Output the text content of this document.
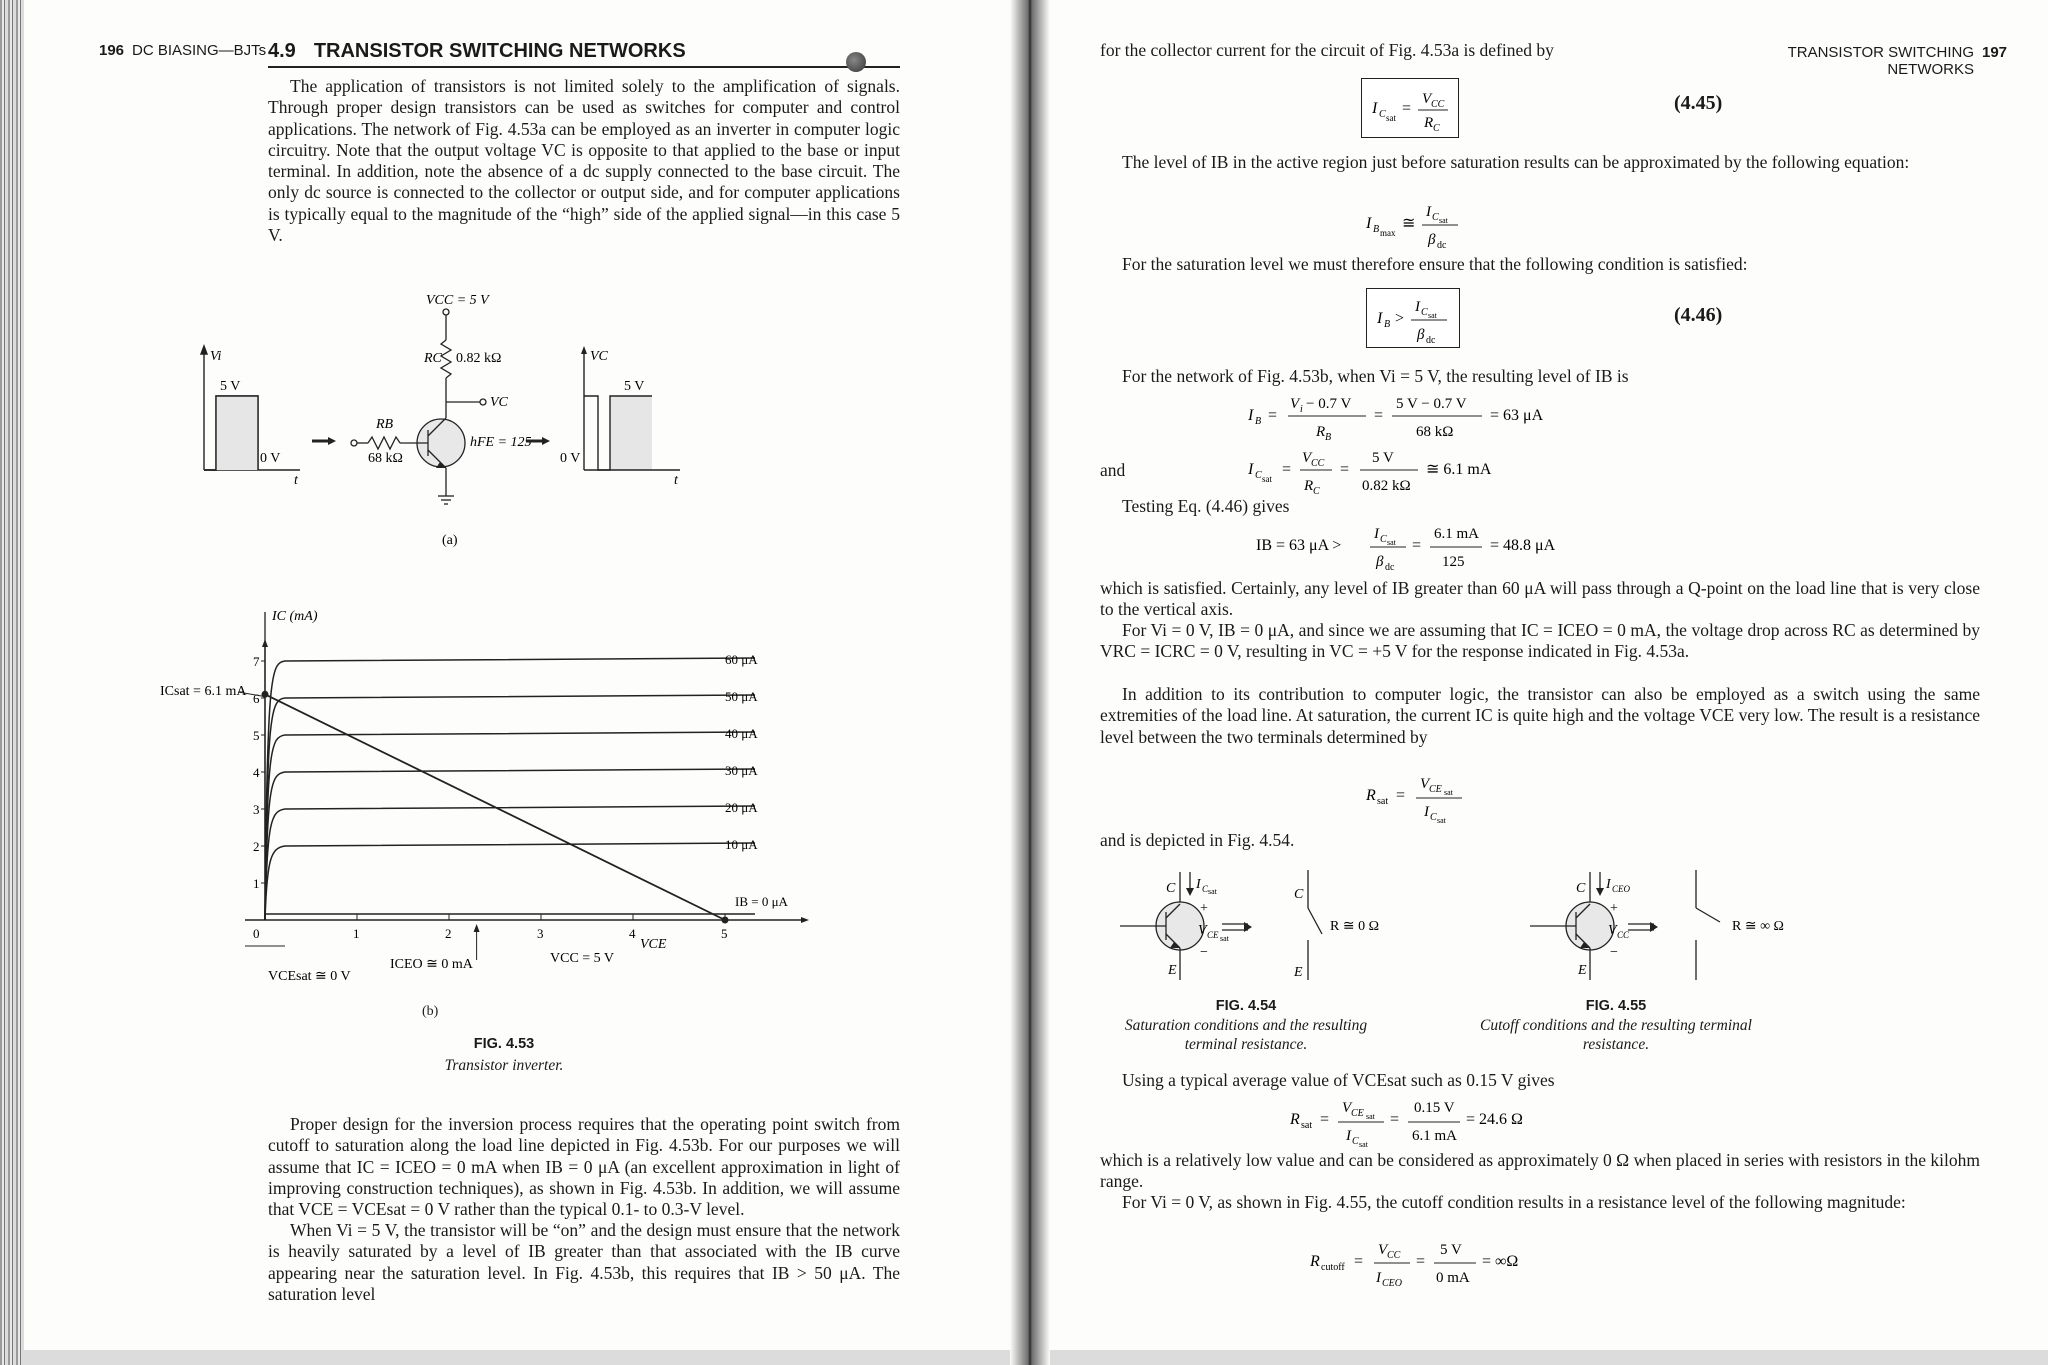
196 DC BIASING—BJTs 4.9 TRANSISTOR SWITCHING NETWORKS
The application of transistors is not limited solely to the amplification of signals. Through proper design transistors can be used as switches for computer and control applications. The network of Fig. 4.53a can be employed as an inverter in computer logic circuitry. Note that the output voltage VC is opposite to that applied to the base or input terminal. In addition, note the absence of a dc supply connected to the base circuit. The only dc source is connected to the collector or output side, and for computer applications is typically equal to the magnitude of the “high” side of the applied signal—in this case 5 V.
Vi
5 V
0 V
t
VCC = 5 V
RC 0.82 kΩ
VC
RB
68 kΩ
hFE = 125
VC
5 V
0 V
t
(a)
IC (mA)
VCE
ICsat = 6.1 mA
VCC = 5 V
ICEO ≅ 0 mA
VCEsat ≅ 0 V
1
2
3
4
5
6
7
0	1	2	3	4	5
60 μA
50 μA
40 μA
30 μA
20 μA
10 μA
IB = 0 μA
(b)
FIG. 4.53
Transistor inverter.
Proper design for the inversion process requires that the operating point switch from cutoff to saturation along the load line depicted in Fig. 4.53b. For our purposes we will assume that IC = ICEO = 0 mA when IB = 0 μA (an excellent approximation in light of improving construction techniques), as shown in Fig. 4.53b. In addition, we will assume that VCE = VCEsat = 0 V rather than the typical 0.1- to 0.3-V level.
When Vi = 5 V, the transistor will be “on” and the design must ensure that the network is heavily saturated by a level of IB greater than that associated with the IB curve appearing near the saturation level. In Fig. 4.53b, this requires that IB > 50 μA. The saturation level
for the collector current for the circuit of Fig. 4.53a is defined by	TRANSISTOR SWITCHING NETWORKS
197
I C sat
=
V CC
R C
(4.45)
The level of IB in the active region just before saturation results can be approximated by the following equation:
I B max
≅
I C sat
β dc
For the saturation level we must therefore ensure that the following condition is satisfied:
I B >
I C sat
β dc
(4.46)
For the network of Fig. 4.53b, when Vi = 5 V, the resulting level of IB is
I B =
V i − 0.7 V
R B
=
5 V − 0.7 V
68 kΩ
= 63 μA
I C sat
=
V CC
R C
=
5 V
0.82 kΩ
≅ 6.1 mA
and
Testing Eq. (4.46) gives
IB = 63 μA >
I C sat
β dc
=
6.1 mA
125
= 48.8 μA
which is satisfied. Certainly, any level of IB greater than 60 μA will pass through a Q-point on the load line that is very close to the vertical axis.
For Vi = 0 V, IB = 0 μA, and since we are assuming that IC = ICEO = 0 mA, the voltage drop across RC as determined by VRC = ICRC = 0 V, resulting in VC = +5 V for the response indicated in Fig. 4.53a.
In addition to its contribution to computer logic, the transistor can also be employed as a switch using the same extremities of the load line. At saturation, the current IC is quite high and the voltage VCE very low. The result is a resistance level between the two terminals determined by
R sat =
V CE sat
I C sat
and is depicted in Fig. 4.54.
C
E
I C sat
+
V CE sat
−
C
E
R ≅ 0 Ω
C
E
I CEO
+
V CC
−
R ≅ ∞ Ω
FIG. 4.54
Saturation conditions and the resulting terminal resistance.
FIG. 4.55
Cutoff conditions and the resulting terminal resistance.
Using a typical average value of VCEsat such as 0.15 V gives
R sat =
V CE sat
I C sat
=
0.15 V
6.1 mA
= 24.6 Ω
which is a relatively low value and can be considered as approximately 0 Ω when placed in series with resistors in the kilohm range.
For Vi = 0 V, as shown in Fig. 4.55, the cutoff condition results in a resistance level of the following magnitude:
R cutoff =
V CC
I CEO
=
5 V
0 mA
= ∞Ω
